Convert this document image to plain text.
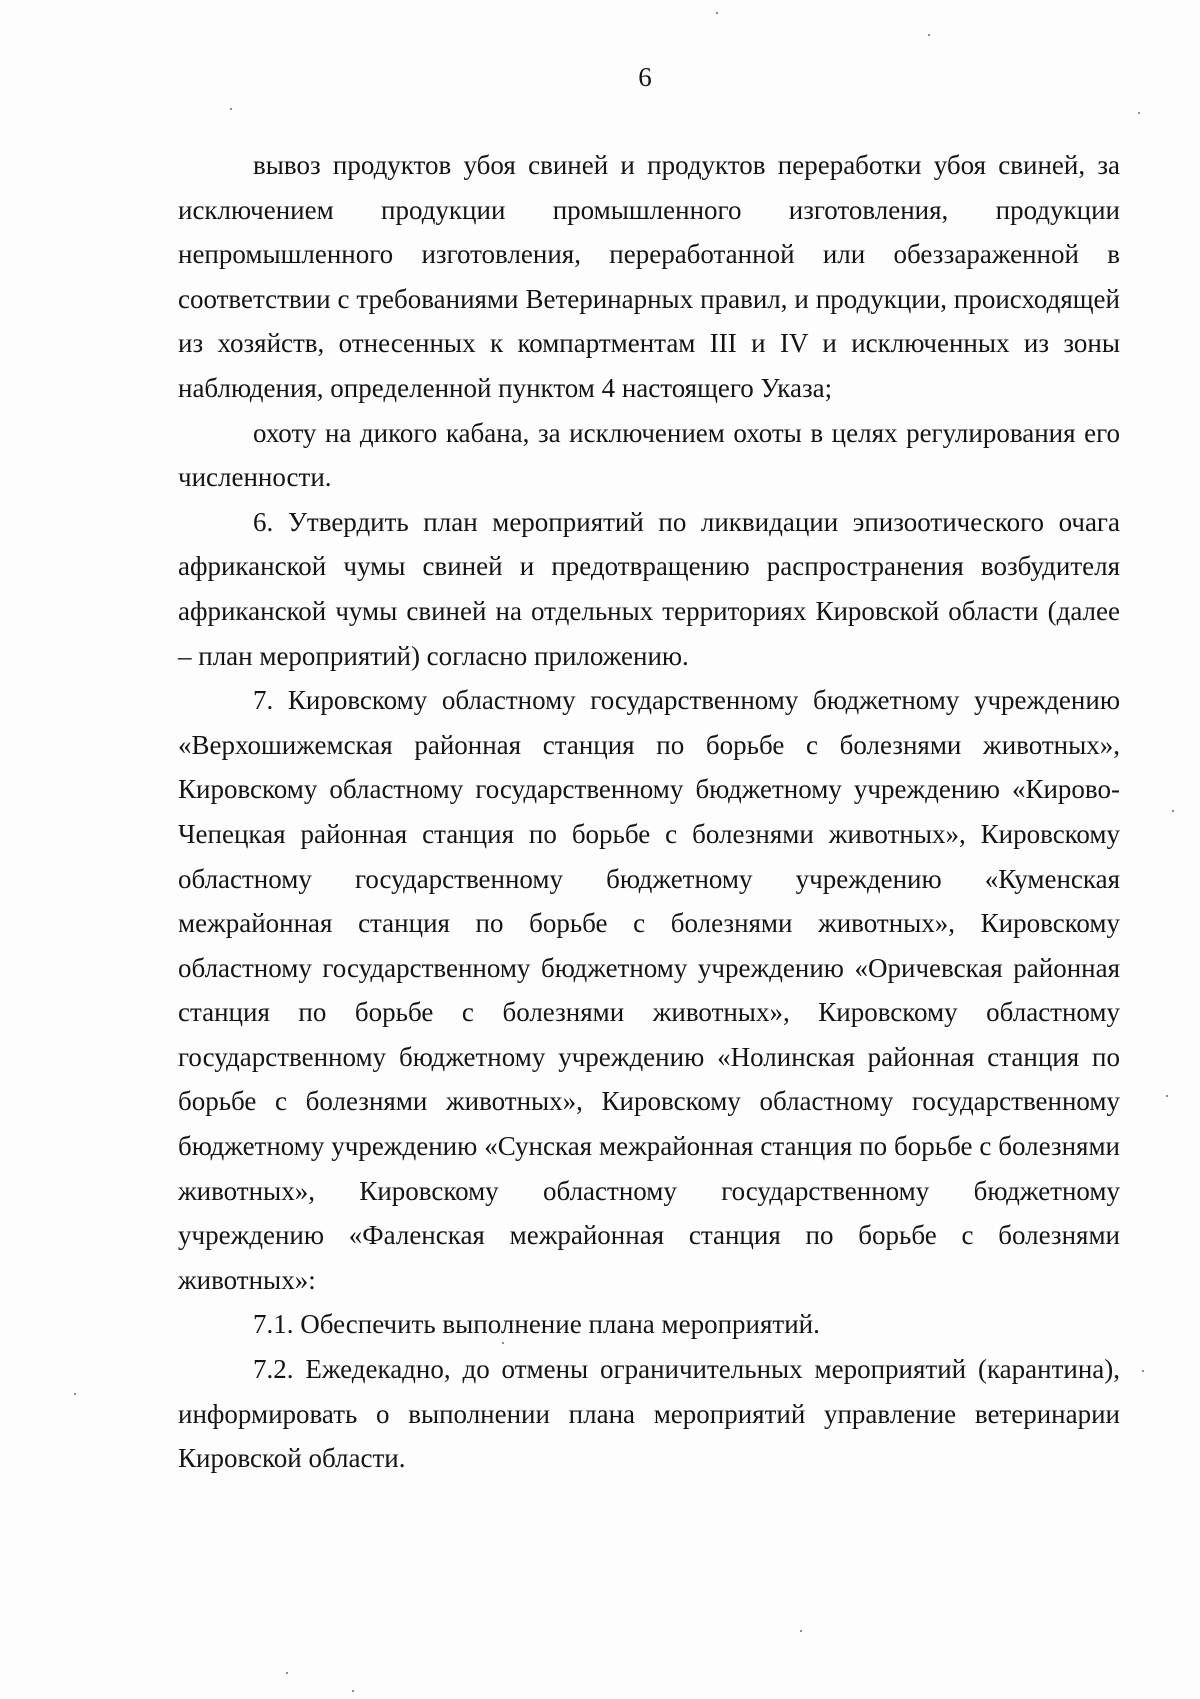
6

вывоз продуктов убоя свиней и продуктов переработки убоя свиней, за исключением продукции промышленного изготовления, продукции непромышленного изготовления, переработанной или обеззараженной в соответствии с требованиями Ветеринарных правил, и продукции, происходящей из хозяйств, отнесенных к компартментам III и IV и исключенных из зоны наблюдения, определенной пунктом 4 настоящего Указа;

охоту на дикого кабана, за исключением охоты в целях регулирования его численности.

6. Утвердить план мероприятий по ликвидации эпизоотического очага африканской чумы свиней и предотвращению распространения возбудителя африканской чумы свиней на отдельных территориях Кировской области (далее – план мероприятий) согласно приложению.

7. Кировскому областному государственному бюджетному учреждению «Верхошижемская районная станция по борьбе с болезнями животных», Кировскому областному государственному бюджетному учреждению «Кирово-Чепецкая районная станция по борьбе с болезнями животных», Кировскому областному государственному бюджетному учреждению «Куменская межрайонная станция по борьбе с болезнями животных», Кировскому областному государственному бюджетному учреждению «Оричевская районная станция по борьбе с болезнями животных», Кировскому областному государственному бюджетному учреждению «Нолинская районная станция по борьбе с болезнями животных», Кировскому областному государственному бюджетному учреждению «Сунская межрайонная станция по борьбе с болезнями животных», Кировскому областному государственному бюджетному учреждению «Фаленская межрайонная станция по борьбе с болезнями животных»:

7.1. Обеспечить выполнение плана мероприятий.

7.2. Ежедекадно, до отмены ограничительных мероприятий (карантина), информировать о выполнении плана мероприятий управление ветеринарии Кировской области.
